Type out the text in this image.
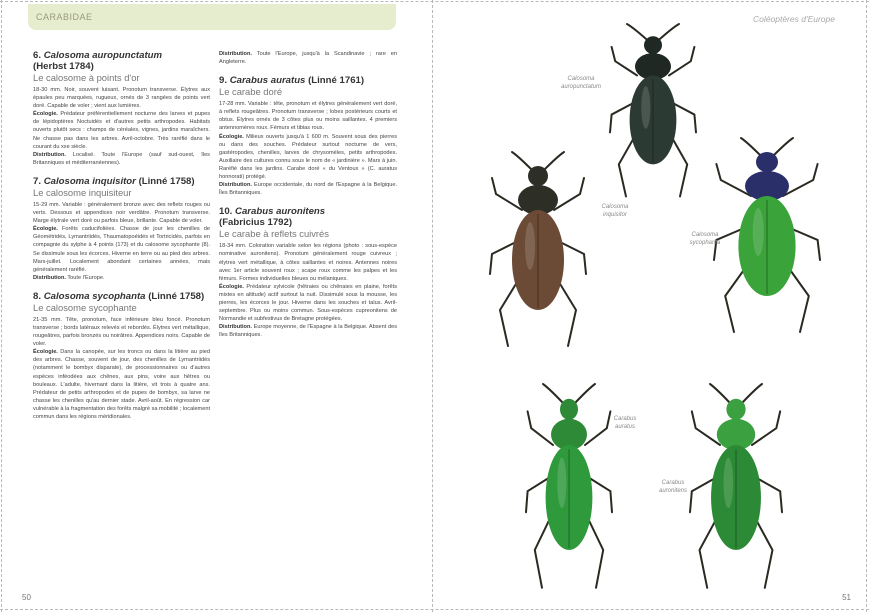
CARABIDAE	Coléoptères d'Europe

6. Calosoma auropunctatum
(Herbst 1784)

Le calosome à points d'or

18-30 mm. Noir, souvent luisant. Pronotum transverse. Élytres aux épaules peu marquées, rugueux, ornés de 3 rangées de points vert doré. Capable de voler ; vient aux lumières.

Écologie. Prédateur préférentiellement nocturne des larves et pupes de lépidoptères Noctuidés et d'autres petits arthropodes. Habitats ouverts plutôt secs : champs de céréales, vignes, jardins maraîchers. Ne chasse pas dans les arbres. Avril-octobre. Très raréfié dans le courant du xxe siècle.

Distribution. Localisé. Toute l'Europe (sauf sud-ouest, îles Britanniques et méditerranéennes).

7. Calosoma inquisitor (Linné 1758)

Le calosome inquisiteur

15-29 mm. Variable : généralement bronze avec des reflets rouges ou verts. Dessous et appendices noir verdâtre. Pronotum transverse. Marge élytrale vert doré ou parfois bleue, brillante. Capable de voler.

Écologie. Forêts caducifoliées. Chasse de jour les chenilles de Géométridés, Lymantriidés, Thaumatopoéidés et Tortricidés, parfois en compagnie du sylphe à 4 points (173) et du calosome sycophante (8). Se dissimule sous les écorces. Hiverne en terre ou au pied des arbres. Mars-juillet. Localement abondant certaines années, mais généralement raréfié.

Distribution. Toute l'Europe.

8. Calosoma sycophanta (Linné 1758)

Le calosome sycophante

21-35 mm. Tête, pronotum, face inférieure bleu foncé. Pronotum transverse ; bords latéraux relevés et rebordés. Élytres vert métallique, rougeâtres, parfois bronzés ou noirâtres. Appendices noirs. Capable de voler.

Écologie. Dans la canopée, sur les troncs ou dans la litière au pied des arbres. Chasse, souvent de jour, des chenilles de Lymantriidés (notamment le bombyx disparate), de processionnaires ou d'autres espèces inféodées aux chênes, aux pins, voire aux hêtres ou bouleaux. L'adulte, hivernant dans la litière, vit trois à quatre ans. Prédateur de petits arthropodes et de pupes de bombyx, sa larve ne chasse les chenilles qu'au dernier stade. Avril-août. En régression car vulnérable à la fragmentation des forêts malgré sa mobilité ; localement commun dans les régions méridionales.

Distribution. Toute l'Europe, jusqu'à la Scandinavie ; rare en Angleterre.

9. Carabus auratus (Linné 1761)

Le carabe doré

17-28 mm. Variable : tête, pronotum et élytres généralement vert doré, à reflets rougeâtres. Pronotum transverse ; lobes postérieurs courts et obtus. Élytres ornés de 3 côtes plus ou moins saillantes. 4 premiers antennomères roux. Fémurs et tibias roux.

Écologie. Milieux ouverts jusqu'à 1 600 m. Souvent sous des pierres ou dans des souches. Prédateur surtout nocturne de vers, gastéropodes, chenilles, larves de chrysomèles, petits arthropodes. Auxiliaire des cultures connu sous le nom de « jardinière ». Mars à juin. Raréfié dans les jardins. Carabe doré « du Ventoux » (C. auratus honnorati) protégé.

Distribution. Europe occidentale, du nord de l'Espagne à la Belgique. Îles Britanniques.

10. Carabus auronitens
(Fabricius 1792)

Le carabe à reflets cuivrés

18-34 mm. Coloration variable selon les régions (photo : sous-espèce nominative auronitens). Pronotum généralement rouge cuivreux ; élytres vert métallique, à côtes saillantes et noires. Antennes noires avec 1er article souvent roux ; scape roux comme les palpes et les fémurs. Formes individuelles bleues ou mélaniques.

Écologie. Prédateur sylvicole (hêtraies ou chênaies en plaine, forêts mixtes en altitude) actif surtout la nuit. Dissimulé sous la mousse, les pierres, les écorces le jour. Hiverne dans les souches et talus. Avril-septembre. Plus ou moins commun. Sous-espèces cupreonitens de Normandie et subfestivus de Bretagne protégées.

Distribution. Europe moyenne, de l'Espagne à la Belgique. Absent des îles Britanniques.

Calosoma
auropunctatum
Calosoma
inquisitor
Calosoma
sycophanta
Carabus
auratus
Carabus
auronitens
50	51
